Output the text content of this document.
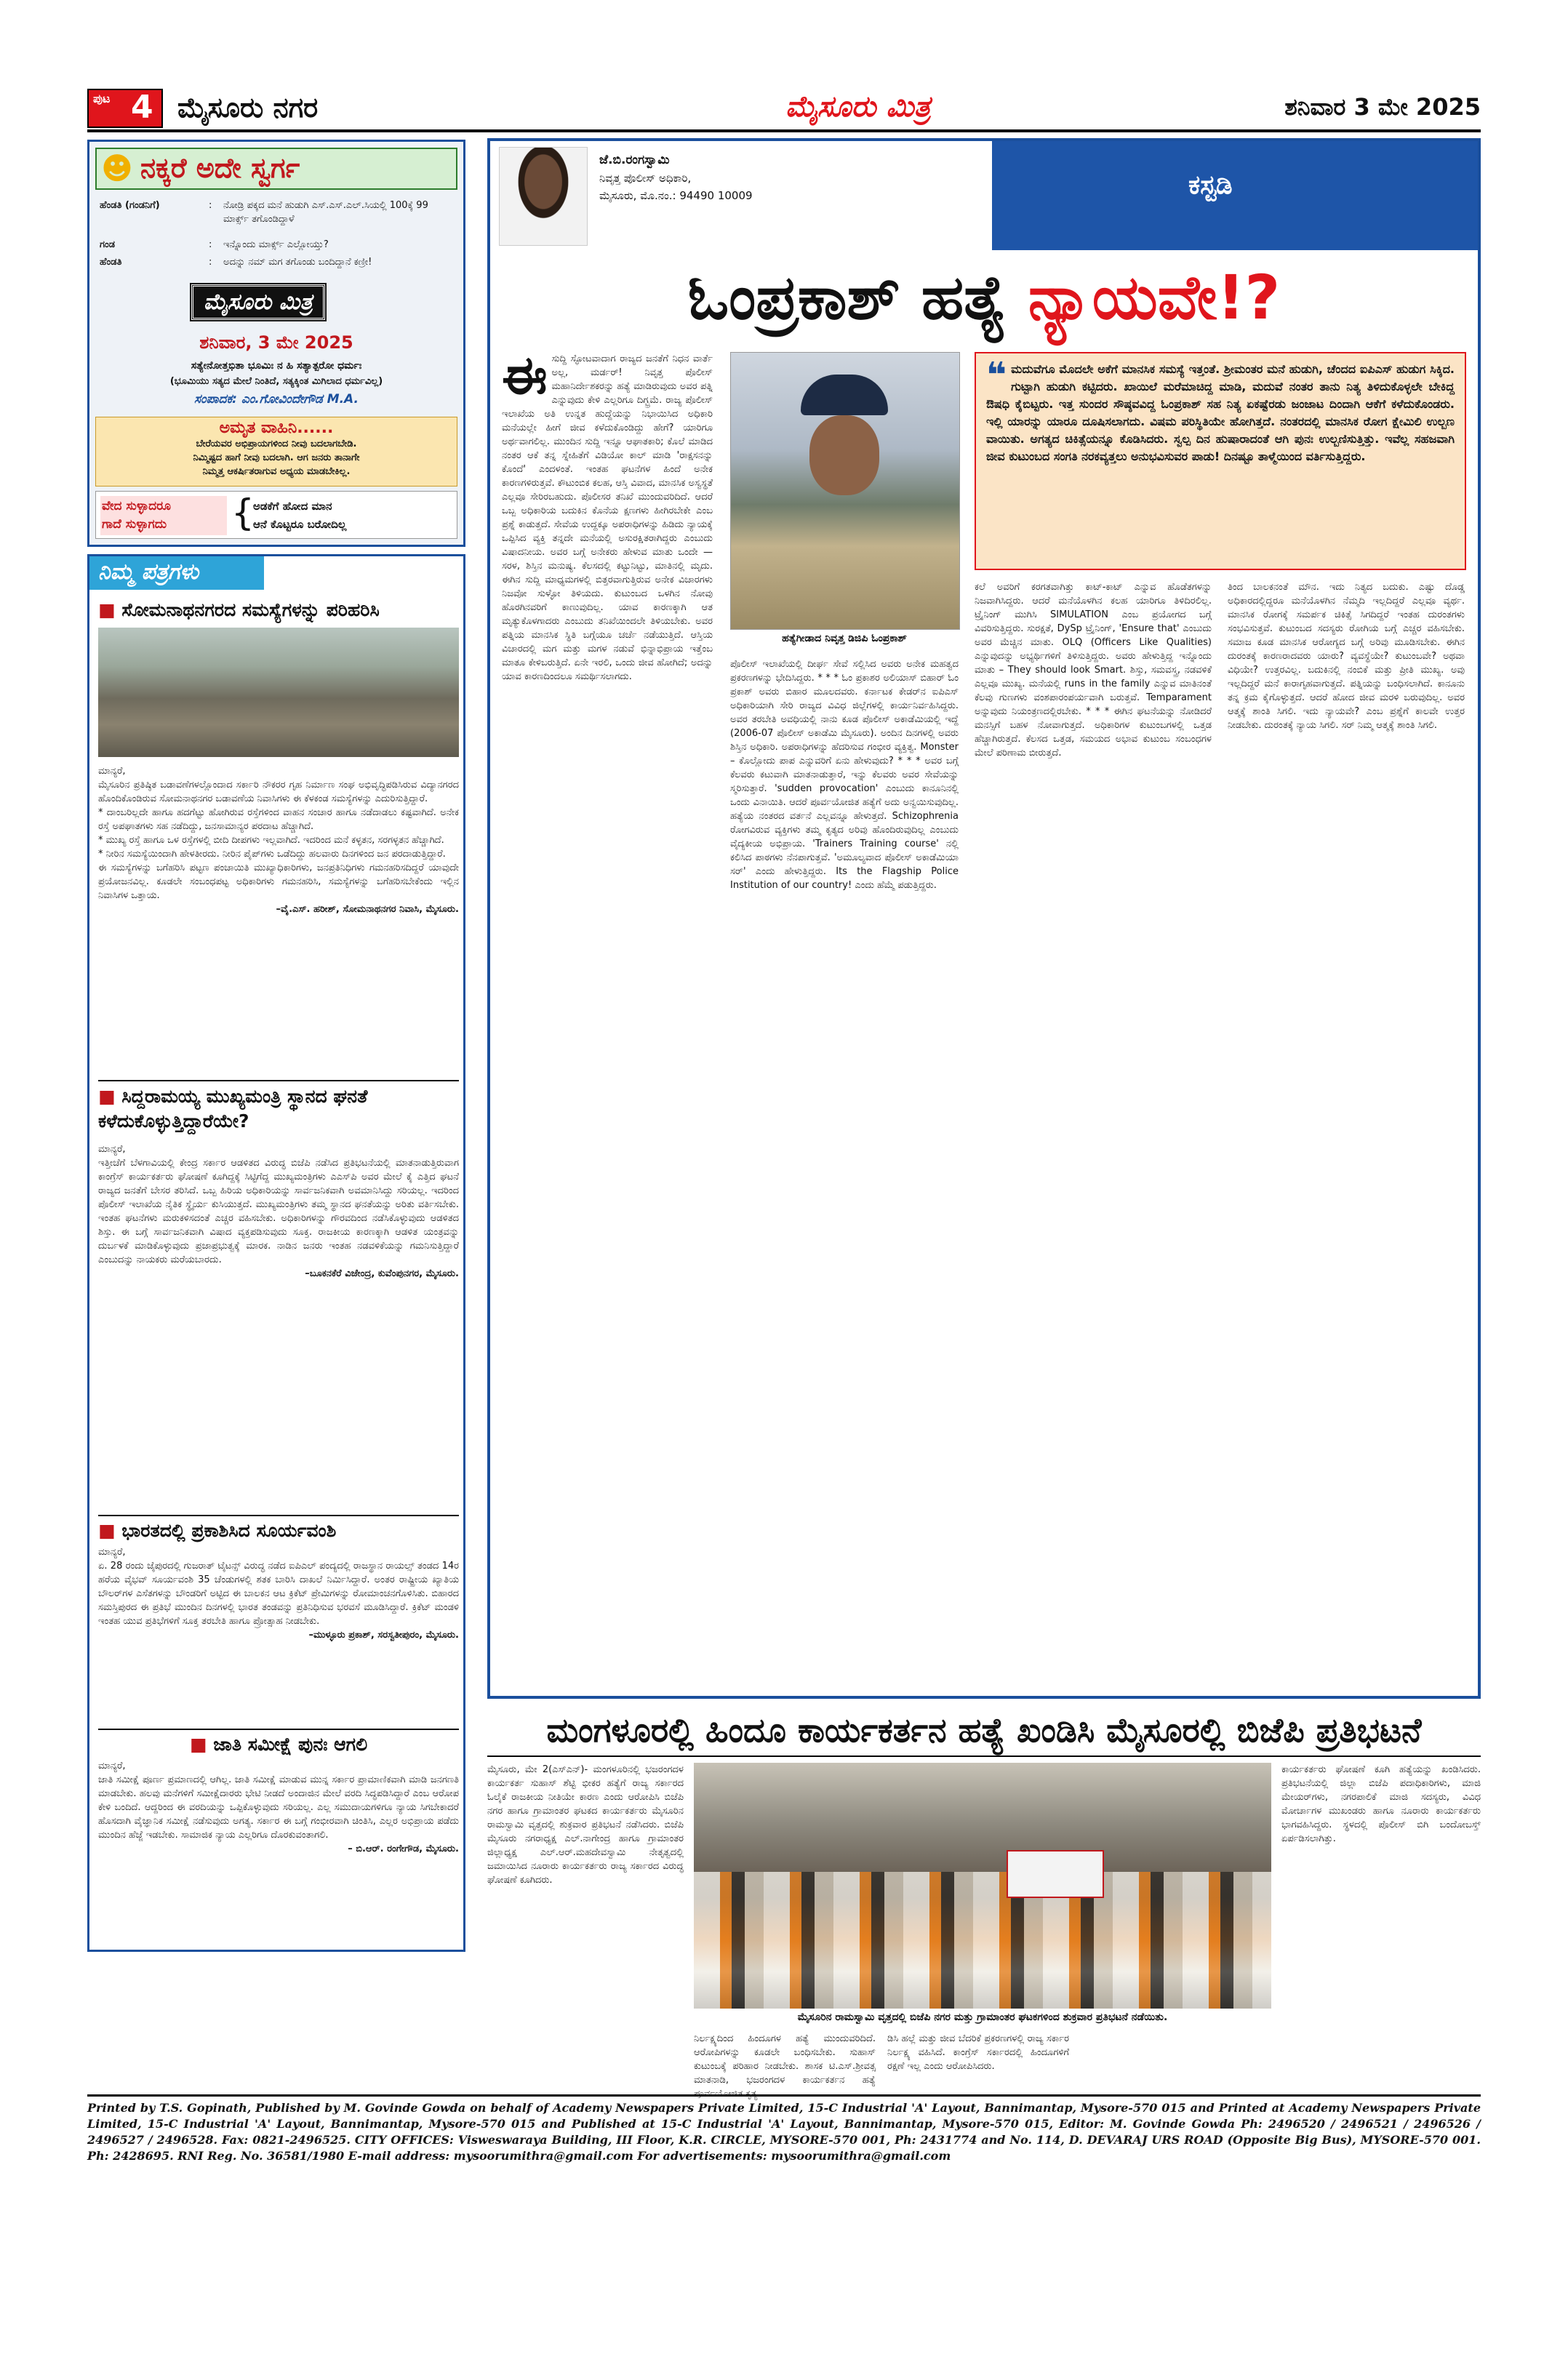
ಪುಟ 4 ಮೈಸೂರು ನಗರ	ಮೈಸೂರು ಮಿತ್ರ	ಶನಿವಾರ 3 ಮೇ 2025
☻ ನಕ್ಕರೆ ಅದೇ ಸ್ವರ್ಗ
ಹೆಂಡತಿ (ಗಂಡನಿಗೆ)	: ನೋಡ್ರಿ ಪಕ್ಕದ ಮನೆ ಹುಡುಗಿ ಎಸ್.ಎಸ್.ಎಲ್.ಸಿಯಲ್ಲಿ 100ಕ್ಕೆ 99 ಮಾರ್ಕ್ಸ್ ತಗೊಂಡಿದ್ದಾಳೆ
ಗಂಡ	: ಇನ್ನೊಂದು ಮಾರ್ಕ್ಸ್ ಎಲ್ಲೋಯ್ತು?
ಹೆಂಡತಿ	: ಅದನ್ನು ನಮ್ ಮಗ ತಗೊಂಡು ಬಂದಿದ್ದಾನೆ ಕಣ್ರೀ!
ಮೈಸೂರು ಮಿತ್ರ
ಶನಿವಾರ, 3 ಮೇ 2025
ಸತ್ಯೇನೋತ್ತಭಿತಾ ಭೂಮಿಃ ನ ಹಿ ಸತ್ಯಾತ್ಪರೋ ಧರ್ಮಃ
(ಭೂಮಿಯು ಸತ್ಯದ ಮೇಲೆ ನಿಂತಿದೆ, ಸತ್ಯಕ್ಕಿಂತ ಮಿಗಿಲಾದ ಧರ್ಮವಿಲ್ಲ)
ಸಂಪಾದಕ: ಎಂ.ಗೋವಿಂದೇಗೌಡ M.A.
ಅಮೃತ ವಾಹಿನಿ......
ಬೇರೆಯವರ ಅಭಿಪ್ರಾಯಗಳಿಂದ ನೀವು ಬದಲಾಗಬೇಡಿ.
ನಿಮ್ಮಿಷ್ಟದ ಹಾಗೆ ನೀವು ಬದಲಾಗಿ. ಆಗ ಜನರು ತಾನಾಗೇ
ನಿಮ್ಮತ್ತ ಆಕರ್ಷಿತರಾಗುವ ಅಧ್ಯಯ ಮಾಡಬೇಕಿಲ್ಲ.
ವೇದ ಸುಳ್ಳಾದರೂ
ಗಾದೆ ಸುಳ್ಳಾಗದು	{
ಅಡಕೆಗೆ ಹೋದ ಮಾನ
ಆನೆ ಕೊಟ್ಟರೂ ಬರೋದಿಲ್ಲ
ನಿಮ್ಮ ಪತ್ರಗಳು
■ ಸೋಮನಾಥನಗರದ ಸಮಸ್ಯೆಗಳನ್ನು ಪರಿಹರಿಸಿ

ಮಾನ್ಯರೆ,

ಮೈಸೂರಿನ ಪ್ರತಿಷ್ಠಿತ ಬಡಾವಣೆಗಳಲ್ಲೊಂದಾದ ಸರ್ಕಾರಿ ನೌಕರರ ಗೃಹ ನಿರ್ಮಾಣ ಸಂಘ ಅಭಿವೃದ್ಧಿಪಡಿಸಿರುವ ವಿದ್ಯಾನಗರದ ಹೊಂದಿಕೊಂಡಿರುವ ಸೋಮನಾಥನಗರ ಬಡಾವಣೆಯ ನಿವಾಸಿಗಳು ಈ ಕೆಳಕಂಡ ಸಮಸ್ಯೆಗಳನ್ನು ಎದುರಿಸುತ್ತಿದ್ದಾರೆ.
* ದಾಂಬರಿಲ್ಲದೇ ಹಾಗೂ ಹದಗೆಟ್ಟು ಹೋಗಿರುವ ರಸ್ತೆಗಳಿಂದ ವಾಹನ ಸಂಚಾರ ಹಾಗೂ ನಡೆದಾಡಲು ಕಷ್ಟವಾಗಿದೆ. ಅನೇಕ ರಸ್ತೆ ಅಪಘಾತಗಳು ಸಹ ನಡೆದಿದ್ದು, ಜನಸಾಮಾನ್ಯರ ಪರದಾಟ ಹೆಚ್ಚಾಗಿದೆ.
* ಮುಖ್ಯ ರಸ್ತೆ ಹಾಗೂ ಒಳ ರಸ್ತೆಗಳಲ್ಲಿ ಬೀದಿ ದೀಪಗಳು ಇಲ್ಲವಾಗಿದೆ. ಇದರಿಂದ ಮನೆ ಕಳ್ಳತನ, ಸರಗಳ್ಳತನ ಹೆಚ್ಚಾಗಿದೆ.
* ನೀರಿನ ಸಮಸ್ಯೆಯಿಂದಾಗಿ ಹೇಳತೀರದು. ನೀರಿನ ಪೈಪ್‌ಗಳು ಒಡೆದಿದ್ದು ಹಲವಾರು ದಿನಗಳಿಂದ ಜನ ಪರದಾಡುತ್ತಿದ್ದಾರೆ.
ಈ ಸಮಸ್ಯೆಗಳನ್ನು ಬಗೆಹರಿಸಿ ಪಟ್ಟಣ ಪಂಚಾಯಿತಿ ಮುಖ್ಯಾಧಿಕಾರಿಗಳು, ಜನಪ್ರತಿನಿಧಿಗಳು ಗಮನಹರಿಸದಿದ್ದರೆ ಯಾವುದೇ ಪ್ರಯೋಜನವಿಲ್ಲ. ಕೂಡಲೇ ಸಂಬಂಧಪಟ್ಟ ಅಧಿಕಾರಿಗಳು ಗಮನಹರಿಸಿ, ಸಮಸ್ಯೆಗಳನ್ನು ಬಗೆಹರಿಸಬೇಕೆಂದು ಇಲ್ಲಿನ ನಿವಾಸಿಗಳ ಒತ್ತಾಯ.

–ವೈ.ಎಸ್. ಹರೀಶ್, ಸೋಮನಾಥನಗರ ನಿವಾಸಿ, ಮೈಸೂರು.

■ ಸಿದ್ದರಾಮಯ್ಯ ಮುಖ್ಯಮಂತ್ರಿ ಸ್ಥಾನದ ಘನತೆ ಕಳೆದುಕೊಳ್ಳುತ್ತಿದ್ದಾರೆಯೇ?

ಮಾನ್ಯರೆ,

ಇತ್ತೀಚೆಗೆ ಬೆಳಗಾವಿಯಲ್ಲಿ ಕೇಂದ್ರ ಸರ್ಕಾರ ಆಡಳಿತದ ವಿರುದ್ಧ ಬಿಜೆಪಿ ನಡೆಸಿದ ಪ್ರತಿಭಟನೆಯಲ್ಲಿ ಮಾತನಾಡುತ್ತಿರುವಾಗ ಕಾಂಗ್ರೆಸ್ ಕಾರ್ಯಕರ್ತರು ಘೋಷಣೆ ಕೂಗಿದ್ದಕ್ಕೆ ಸಿಟ್ಟಿಗೆದ್ದ ಮುಖ್ಯಮಂತ್ರಿಗಳು ಎಎಸ್‌ಪಿ ಅವರ ಮೇಲೆ ಕೈ ಎತ್ತಿದ ಘಟನೆ ರಾಜ್ಯದ ಜನತೆಗೆ ಬೇಸರ ತರಿಸಿದೆ. ಒಬ್ಬ ಹಿರಿಯ ಅಧಿಕಾರಿಯನ್ನು ಸಾರ್ವಜನಿಕವಾಗಿ ಅವಮಾನಿಸಿದ್ದು ಸರಿಯಲ್ಲ. ಇದರಿಂದ ಪೊಲೀಸ್ ಇಲಾಖೆಯ ನೈತಿಕ ಸ್ಥೈರ್ಯ ಕುಸಿಯುತ್ತದೆ. ಮುಖ್ಯಮಂತ್ರಿಗಳು ತಮ್ಮ ಸ್ಥಾನದ ಘನತೆಯನ್ನು ಅರಿತು ವರ್ತಿಸಬೇಕು. ಇಂತಹ ಘಟನೆಗಳು ಮರುಕಳಿಸದಂತೆ ಎಚ್ಚರ ವಹಿಸಬೇಕು. ಅಧಿಕಾರಿಗಳನ್ನು ಗೌರವದಿಂದ ನಡೆಸಿಕೊಳ್ಳುವುದು ಆಡಳಿತದ ಶಿಸ್ತು. ಈ ಬಗ್ಗೆ ಸಾರ್ವಜನಿಕವಾಗಿ ವಿಷಾದ ವ್ಯಕ್ತಪಡಿಸುವುದು ಸೂಕ್ತ. ರಾಜಕೀಯ ಕಾರಣಕ್ಕಾಗಿ ಆಡಳಿತ ಯಂತ್ರವನ್ನು ದುರ್ಬಳಕೆ ಮಾಡಿಕೊಳ್ಳುವುದು ಪ್ರಜಾಪ್ರಭುತ್ವಕ್ಕೆ ಮಾರಕ. ನಾಡಿನ ಜನರು ಇಂತಹ ನಡವಳಿಕೆಯನ್ನು ಗಮನಿಸುತ್ತಿದ್ದಾರೆ ಎಂಬುದನ್ನು ನಾಯಕರು ಮರೆಯಬಾರದು.

–ಬೂಕನಕೆರೆ ವಿಜೇಂದ್ರ, ಕುವೆಂಪುನಗರ, ಮೈಸೂರು.

■ ಭಾರತದಲ್ಲಿ ಪ್ರಕಾಶಿಸಿದ ಸೂರ್ಯವಂಶಿ

ಮಾನ್ಯರೆ,

ಏ. 28 ರಂದು ಜೈಪುರದಲ್ಲಿ ಗುಜರಾತ್ ಟೈಟನ್ಸ್ ವಿರುದ್ಧ ನಡೆದ ಐಪಿಎಲ್ ಪಂದ್ಯದಲ್ಲಿ ರಾಜಸ್ಥಾನ ರಾಯಲ್ಸ್ ತಂಡದ 14ರ ಹರೆಯ ವೈಭವ್ ಸೂರ್ಯವಂಶಿ 35 ಚೆಂಡುಗಳಲ್ಲಿ ಶತಕ ಬಾರಿಸಿ ದಾಖಲೆ ನಿರ್ಮಿಸಿದ್ದಾರೆ. ಅಂತರ ರಾಷ್ಟ್ರೀಯ ಖ್ಯಾತಿಯ ಬೌಲರ್‌ಗಳ ಎಸೆತಗಳನ್ನು ಬೌಂಡರಿಗೆ ಅಟ್ಟಿದ ಈ ಬಾಲಕನ ಆಟ ಕ್ರಿಕೆಟ್ ಪ್ರೇಮಿಗಳನ್ನು ರೋಮಾಂಚನಗೊಳಿಸಿತು. ಬಿಹಾರದ ಸಮಸ್ತಿಪುರದ ಈ ಪ್ರತಿಭೆ ಮುಂದಿನ ದಿನಗಳಲ್ಲಿ ಭಾರತ ತಂಡವನ್ನು ಪ್ರತಿನಿಧಿಸುವ ಭರವಸೆ ಮೂಡಿಸಿದ್ದಾರೆ. ಕ್ರಿಕೆಟ್ ಮಂಡಳಿ ಇಂತಹ ಯುವ ಪ್ರತಿಭೆಗಳಿಗೆ ಸೂಕ್ತ ತರಬೇತಿ ಹಾಗೂ ಪ್ರೋತ್ಸಾಹ ನೀಡಬೇಕು.

–ಮುಳ್ಳೂರು ಪ್ರಕಾಶ್, ಸರಸ್ವತೀಪುರಂ, ಮೈಸೂರು.

■ ಜಾತಿ ಸಮೀಕ್ಷೆ ಪುನಃ ಆಗಲಿ

ಮಾನ್ಯರೆ,

ಜಾತಿ ಸಮೀಕ್ಷೆ ಪೂರ್ಣ ಪ್ರಮಾಣದಲ್ಲಿ ಆಗಿಲ್ಲ. ಜಾತಿ ಸಮೀಕ್ಷೆ ಮಾಡುವ ಮುನ್ನ ಸರ್ಕಾರ ಪ್ರಾಮಾಣಿಕವಾಗಿ ಮಾಡಿ ಜನಗಣತಿ ಮಾಡಬೇಕು. ಹಲವು ಮನೆಗಳಿಗೆ ಸಮೀಕ್ಷೆದಾರರು ಭೇಟಿ ನೀಡದೆ ಅಂದಾಜಿನ ಮೇಲೆ ವರದಿ ಸಿದ್ಧಪಡಿಸಿದ್ದಾರೆ ಎಂಬ ಆರೋಪ ಕೇಳಿ ಬಂದಿದೆ. ಆದ್ದರಿಂದ ಈ ವರದಿಯನ್ನು ಒಪ್ಪಿಕೊಳ್ಳುವುದು ಸರಿಯಲ್ಲ. ಎಲ್ಲ ಸಮುದಾಯಗಳಿಗೂ ನ್ಯಾಯ ಸಿಗಬೇಕಾದರೆ ಹೊಸದಾಗಿ ವೈಜ್ಞಾನಿಕ ಸಮೀಕ್ಷೆ ನಡೆಸುವುದು ಅಗತ್ಯ. ಸರ್ಕಾರ ಈ ಬಗ್ಗೆ ಗಂಭೀರವಾಗಿ ಚಿಂತಿಸಿ, ಎಲ್ಲರ ಅಭಿಪ್ರಾಯ ಪಡೆದು ಮುಂದಿನ ಹೆಜ್ಜೆ ಇಡಬೇಕು. ಸಾಮಾಜಿಕ ನ್ಯಾಯ ಎಲ್ಲರಿಗೂ ದೊರಕುವಂತಾಗಲಿ.

– ಬಿ.ಆರ್. ರಂಗೇಗೌಡ, ಮೈಸೂರು.

ಜೆ.ಬಿ.ರಂಗಸ್ವಾಮಿ
ನಿವೃತ್ತ ಪೊಲೀಸ್ ಅಧಿಕಾರಿ,
ಮೈಸೂರು, ಮೊ.ನಂ.: 94490 10009	ಕಸ್ಟಡಿ
ಓಂಪ್ರಕಾಶ್ ಹತ್ಯೆ ನ್ಯಾಯವೇ!?
ಈ ಸುದ್ದಿ ಸ್ಫೋಟವಾದಾಗ ರಾಜ್ಯದ ಜನತೆಗೆ ನಿಧನ ವಾರ್ತೆ ಅಲ್ಲ, ಮರ್ಡರ್! ನಿವೃತ್ತ ಪೊಲೀಸ್ ಮಹಾನಿರ್ದೇಶಕರನ್ನು ಹತ್ಯೆ ಮಾಡಿರುವುದು ಅವರ ಪತ್ನಿ ಎನ್ನುವುದು ಕೇಳಿ ಎಲ್ಲರಿಗೂ ದಿಗ್ಭ್ರಮೆ. ರಾಜ್ಯ ಪೊಲೀಸ್ ಇಲಾಖೆಯ ಅತಿ ಉನ್ನತ ಹುದ್ದೆಯನ್ನು ನಿಭಾಯಿಸಿದ ಅಧಿಕಾರಿ ಮನೆಯಲ್ಲೇ ಹೀಗೆ ಜೀವ ಕಳೆದುಕೊಂಡಿದ್ದು ಹೇಗೆ? ಯಾರಿಗೂ ಅರ್ಥವಾಗಲಿಲ್ಲ. ಮುಂದಿನ ಸುದ್ದಿ ಇನ್ನೂ ಆಘಾತಕಾರಿ; ಕೊಲೆ ಮಾಡಿದ ನಂತರ ಆಕೆ ತನ್ನ ಸ್ನೇಹಿತೆಗೆ ವಿಡಿಯೋ ಕಾಲ್ ಮಾಡಿ 'ರಾಕ್ಷಸನನ್ನು ಕೊಂದೆ' ಎಂದಳಂತೆ. ಇಂತಹ ಘಟನೆಗಳ ಹಿಂದೆ ಅನೇಕ ಕಾರಣಗಳಿರುತ್ತವೆ. ಕೌಟುಂಬಿಕ ಕಲಹ, ಆಸ್ತಿ ವಿವಾದ, ಮಾನಸಿಕ ಅಸ್ವಸ್ಥತೆ ಎಲ್ಲವೂ ಸೇರಿರಬಹುದು. ಪೊಲೀಸರ ತನಿಖೆ ಮುಂದುವರಿದಿದೆ. ಆದರೆ ಒಬ್ಬ ಅಧಿಕಾರಿಯ ಬದುಕಿನ ಕೊನೆಯ ಕ್ಷಣಗಳು ಹೀಗಿರಬೇಕೇ ಎಂಬ ಪ್ರಶ್ನೆ ಕಾಡುತ್ತದೆ. ಸೇವೆಯ ಉದ್ದಕ್ಕೂ ಅಪರಾಧಿಗಳನ್ನು ಹಿಡಿದು ನ್ಯಾಯಕ್ಕೆ ಒಪ್ಪಿಸಿದ ವ್ಯಕ್ತಿ ತನ್ನದೇ ಮನೆಯಲ್ಲಿ ಅಸುರಕ್ಷಿತರಾಗಿದ್ದರು ಎಂಬುದು ವಿಷಾದನೀಯ. ಅವರ ಬಗ್ಗೆ ಅನೇಕರು ಹೇಳುವ ಮಾತು ಒಂದೇ — ಸರಳ, ಶಿಸ್ತಿನ ಮನುಷ್ಯ. ಕೆಲಸದಲ್ಲಿ ಕಟ್ಟುನಿಟ್ಟು, ಮಾತಿನಲ್ಲಿ ಮೃದು. ಈಗಿನ ಸುದ್ದಿ ಮಾಧ್ಯಮಗಳಲ್ಲಿ ಬಿತ್ತರವಾಗುತ್ತಿರುವ ಅನೇಕ ವಿಚಾರಗಳು ನಿಜವೋ ಸುಳ್ಳೋ ತಿಳಿಯದು. ಕುಟುಂಬದ ಒಳಗಿನ ನೋವು ಹೊರಗಿನವರಿಗೆ ಕಾಣುವುದಿಲ್ಲ. ಯಾವ ಕಾರಣಕ್ಕಾಗಿ ಆತ ಮೃತ್ಯುಕೊಳಗಾದರು ಎಂಬುದು ತನಿಖೆಯಿಂದಲೇ ತಿಳಿಯಬೇಕು. ಅವರ ಪತ್ನಿಯ ಮಾನಸಿಕ ಸ್ಥಿತಿ ಬಗ್ಗೆಯೂ ಚರ್ಚೆ ನಡೆಯುತ್ತಿದೆ. ಆಸ್ತಿಯ ವಿಚಾರದಲ್ಲಿ ಮಗ ಮತ್ತು ಮಗಳ ನಡುವೆ ಭಿನ್ನಾಭಿಪ್ರಾಯ ಇತ್ತೆಂಬ ಮಾತೂ ಕೇಳಿಬರುತ್ತಿದೆ. ಏನೇ ಇರಲಿ, ಒಂದು ಜೀವ ಹೋಗಿದೆ; ಅದನ್ನು ಯಾವ ಕಾರಣದಿಂದಲೂ ಸಮರ್ಥಿಸಲಾಗದು.

ಹತ್ಯೆಗೀಡಾದ ನಿವೃತ್ತ ಡಿಜಿಪಿ ಓಂಪ್ರಕಾಶ್

ಪೊಲೀಸ್ ಇಲಾಖೆಯಲ್ಲಿ ದೀರ್ಘ ಸೇವೆ ಸಲ್ಲಿಸಿದ ಅವರು ಅನೇಕ ಮಹತ್ವದ ಪ್ರಕರಣಗಳನ್ನು ಭೇದಿಸಿದ್ದರು. * * * ಓಂ ಪ್ರಕಾಶರ ಅಲಿಯಾಸ್ ಬಿಹಾರ್ ಓಂ ಪ್ರಕಾಶ್ ಅವರು ಬಿಹಾರ ಮೂಲದವರು. ಕರ್ನಾಟಕ ಕೇಡರ್‌ನ ಐಪಿಎಸ್ ಅಧಿಕಾರಿಯಾಗಿ ಸೇರಿ ರಾಜ್ಯದ ವಿವಿಧ ಜಿಲ್ಲೆಗಳಲ್ಲಿ ಕಾರ್ಯನಿರ್ವಹಿಸಿದ್ದರು. ಅವರ ತರಬೇತಿ ಅವಧಿಯಲ್ಲಿ ನಾನು ಕೂಡ ಪೊಲೀಸ್ ಅಕಾಡೆಮಿಯಲ್ಲಿ ಇದ್ದೆ (2006-07 ಪೊಲೀಸ್ ಅಕಾಡೆಮಿ ಮೈಸೂರು). ಅಂದಿನ ದಿನಗಳಲ್ಲಿ ಅವರು ಶಿಸ್ತಿನ ಅಧಿಕಾರಿ. ಅಪರಾಧಿಗಳನ್ನು ಹೆದರಿಸುವ ಗಂಭೀರ ವ್ಯಕ್ತಿತ್ವ. Monster – ಕೊಲ್ಲೋದು ಪಾಪ ಎನ್ನುವರಿಗೆ ಏನು ಹೇಳುವುದು? * * * ಅವರ ಬಗ್ಗೆ ಕೆಲವರು ಕಟುವಾಗಿ ಮಾತನಾಡುತ್ತಾರೆ, ಇನ್ನು ಕೆಲವರು ಅವರ ಸೇವೆಯನ್ನು ಸ್ಮರಿಸುತ್ತಾರೆ. 'sudden provocation' ಎಂಬುದು ಕಾನೂನಿನಲ್ಲಿ ಒಂದು ವಿನಾಯಿತಿ. ಆದರೆ ಪೂರ್ವಯೋಜಿತ ಹತ್ಯೆಗೆ ಅದು ಅನ್ವಯಿಸುವುದಿಲ್ಲ. ಹತ್ಯೆಯ ನಂತರದ ವರ್ತನೆ ಎಲ್ಲವನ್ನೂ ಹೇಳುತ್ತದೆ. Schizophrenia ರೋಗವಿರುವ ವ್ಯಕ್ತಿಗಳು ತಮ್ಮ ಕೃತ್ಯದ ಅರಿವು ಹೊಂದಿರುವುದಿಲ್ಲ ಎಂಬುದು ವೈದ್ಯಕೀಯ ಅಭಿಪ್ರಾಯ. 'Trainers Training course' ನಲ್ಲಿ ಕಲಿಸಿದ ಪಾಠಗಳು ನೆನಪಾಗುತ್ತವೆ. 'ಅಮೂಲ್ಯವಾದ ಪೊಲೀಸ್ ಅಕಾಡೆಮಿಯಾ ಸರ್' ಎಂದು ಹೇಳುತ್ತಿದ್ದರು. Its the Flagship Police Institution of our country! ಎಂದು ಹೆಮ್ಮೆ ಪಡುತ್ತಿದ್ದರು.

❝ ಮದುವೆಗೂ ಮೊದಲೇ ಅಕೆಗೆ ಮಾನಸಿಕ ಸಮಸ್ಯೆ ಇತ್ತಂತೆ. ಶ್ರೀಮಂತರ ಮನೆ ಹುಡುಗಿ, ಚೆಂದದ ಐಪಿಎಸ್ ಹುಡುಗ ಸಿಕ್ಕಿದ. ಗುಟ್ಟಾಗಿ ಹುಡುಗಿ ಕಟ್ಟಿದರು. ಖಾಯಿಲೆ ಮರೆಮಾಚಿದ್ದ ಮಾಡಿ, ಮದುವೆ ನಂತರ ತಾನು ನಿತ್ಯ ತಿಳಿದುಕೊಳ್ಳಲೇ ಬೇಕಿದ್ದ ಔಷಧಿ ಕೈಬಿಟ್ಟರು. ಇತ್ತ ಸುಂದರ ಸೌಷ್ಠವವಿದ್ದ ಓಂಪ್ರಕಾಶ್ ಸಹ ನಿತ್ಯ ಏಕಷ್ಟೆರಡು ಜಂಜಾಟ ದಿಂದಾಗಿ ಆಕೆಗೆ ಕಳೆದುಕೊಂಡರು. ಇಲ್ಲಿ ಯಾರನ್ನು ಯಾರೂ ದೂಷಿಸಲಾಗದು. ವಿಷಮ ಪರಿಸ್ಥಿತಿಯೇ ಹೋಗಿತ್ತದೆ. ನಂತರದಲ್ಲಿ ಮಾನಸಿಕ ರೋಗ ಕ್ಷೇಮಿಲಿ ಉಲ್ಬಣ ವಾಯಿತು. ಅಗತ್ಯದ ಚಿಕಿತ್ಸೆಯನ್ನೂ ಕೊಡಿಸಿದರು. ಸ್ವಲ್ಪ ದಿನ ಹುಷಾರಾದಂತೆ ಆಗಿ ಪುನಃ ಉಲ್ಬಣಿಸುತ್ತಿತ್ತು. ಇವೆಲ್ಲ ಸಹಜವಾಗಿ ಜೀವ ಕುಟುಂಬದ ಸಂಗತಿ ನರಕವ್ಯತ್ತಲು ಅನುಭವಿಸುವರ ಪಾಡು! ದಿನಷ್ಟೂ ತಾಳ್ಮೆಯಿಂದ ವರ್ತಿಸುತ್ತಿದ್ದರು.

ಕಲೆ ಅವರಿಗೆ ಕರಗತವಾಗಿತ್ತು ಕಾಟ್-ಕಾಟ್ ಎನ್ನುವ ಹೊಡೆತಗಳನ್ನು ನಿಜವಾಗಿಸಿದ್ದರು. ಆದರೆ ಮನೆಯೊಳಗಿನ ಕಲಹ ಯಾರಿಗೂ ತಿಳಿದಿರಲಿಲ್ಲ. ಟ್ರೈನಿಂಗ್ ಮುಗಿಸಿ SIMULATION ಎಂಬ ಪ್ರಯೋಗದ ಬಗ್ಗೆ ವಿವರಿಸುತ್ತಿದ್ದರು. ಸುರಕ್ಷತೆ, DySp ಟ್ರೈನಿಂಗ್, 'Ensure that' ಎಂಬುದು ಅವರ ಮೆಚ್ಚಿನ ಮಾತು. OLQ (Officers Like Qualities) ಎನ್ನುವುದನ್ನು ಅಭ್ಯರ್ಥಿಗಳಿಗೆ ತಿಳಿಸುತ್ತಿದ್ದರು. ಅವರು ಹೇಳುತ್ತಿದ್ದ ಇನ್ನೊಂದು ಮಾತು – They should look Smart. ಶಿಸ್ತು, ಸಮವಸ್ತ್ರ, ನಡವಳಿಕೆ ಎಲ್ಲವೂ ಮುಖ್ಯ. ಮನೆಯಲ್ಲಿ runs in the family ಎನ್ನುವ ಮಾತಿನಂತೆ ಕೆಲವು ಗುಣಗಳು ವಂಶಪಾರಂಪರ್ಯವಾಗಿ ಬರುತ್ತವೆ. Temparament ಅನ್ನುವುದು ನಿಯಂತ್ರಣದಲ್ಲಿರಬೇಕು. * * * ಈಗಿನ ಘಟನೆಯನ್ನು ನೋಡಿದರೆ ಮನಸ್ಸಿಗೆ ಬಹಳ ನೋವಾಗುತ್ತದೆ. ಅಧಿಕಾರಿಗಳ ಕುಟುಂಬಗಳಲ್ಲಿ ಒತ್ತಡ ಹೆಚ್ಚಾಗಿರುತ್ತದೆ. ಕೆಲಸದ ಒತ್ತಡ, ಸಮಯದ ಅಭಾವ ಕುಟುಂಬ ಸಂಬಂಧಗಳ ಮೇಲೆ ಪರಿಣಾಮ ಬೀರುತ್ತದೆ.

ತಿಂದ ಬಾಲಕನಂತೆ ಮೌನ. ಇದು ನಿತ್ಯದ ಬದುಕು. ಎಷ್ಟು ದೊಡ್ಡ ಅಧಿಕಾರದಲ್ಲಿದ್ದರೂ ಮನೆಯೊಳಗಿನ ನೆಮ್ಮದಿ ಇಲ್ಲದಿದ್ದರೆ ಎಲ್ಲವೂ ವ್ಯರ್ಥ. ಮಾನಸಿಕ ರೋಗಕ್ಕೆ ಸಮರ್ಪಕ ಚಿಕಿತ್ಸೆ ಸಿಗದಿದ್ದರೆ ಇಂತಹ ದುರಂತಗಳು ಸಂಭವಿಸುತ್ತವೆ. ಕುಟುಂಬದ ಸದಸ್ಯರು ರೋಗಿಯ ಬಗ್ಗೆ ಎಚ್ಚರ ವಹಿಸಬೇಕು. ಸಮಾಜ ಕೂಡ ಮಾನಸಿಕ ಆರೋಗ್ಯದ ಬಗ್ಗೆ ಅರಿವು ಮೂಡಿಸಬೇಕು. ಈಗಿನ ದುರಂತಕ್ಕೆ ಕಾರಣರಾದವರು ಯಾರು? ವ್ಯವಸ್ಥೆಯೇ? ಕುಟುಂಬವೇ? ಅಥವಾ ವಿಧಿಯೇ? ಉತ್ತರವಿಲ್ಲ. ಬದುಕಿನಲ್ಲಿ ನಂಬಿಕೆ ಮತ್ತು ಪ್ರೀತಿ ಮುಖ್ಯ. ಅವು ಇಲ್ಲದಿದ್ದರೆ ಮನೆ ಕಾರಾಗೃಹವಾಗುತ್ತದೆ. ಪತ್ನಿಯನ್ನು ಬಂಧಿಸಲಾಗಿದೆ. ಕಾನೂನು ತನ್ನ ಕ್ರಮ ಕೈಗೊಳ್ಳುತ್ತದೆ. ಆದರೆ ಹೋದ ಜೀವ ಮರಳಿ ಬರುವುದಿಲ್ಲ. ಅವರ ಆತ್ಮಕ್ಕೆ ಶಾಂತಿ ಸಿಗಲಿ. ಇದು ನ್ಯಾಯವೇ? ಎಂಬ ಪ್ರಶ್ನೆಗೆ ಕಾಲವೇ ಉತ್ತರ ನೀಡಬೇಕು. ದುರಂತಕ್ಕೆ ನ್ಯಾಯ ಸಿಗಲಿ. ಸರ್ ನಿಮ್ಮ ಆತ್ಮಕ್ಕೆ ಶಾಂತಿ ಸಿಗಲಿ.

ಮಂಗಳೂರಲ್ಲಿ ಹಿಂದೂ ಕಾರ್ಯಕರ್ತನ ಹತ್ಯೆ ಖಂಡಿಸಿ ಮೈಸೂರಲ್ಲಿ ಬಿಜೆಪಿ ಪ್ರತಿಭಟನೆ

ಮೈಸೂರು, ಮೇ 2(ಎಸ್‌ಎನ್)- ಮಂಗಳೂರಿನಲ್ಲಿ ಭಜರಂಗದಳ ಕಾರ್ಯಕರ್ತ ಸುಹಾಸ್ ಶೆಟ್ಟಿ ಭೀಕರ ಹತ್ಯೆಗೆ ರಾಜ್ಯ ಸರ್ಕಾರದ ಓಲೈಕೆ ರಾಜಕೀಯ ನೀತಿಯೇ ಕಾರಣ ಎಂದು ಆರೋಪಿಸಿ ಬಿಜೆಪಿ ನಗರ ಹಾಗೂ ಗ್ರಾಮಾಂತರ ಘಟಕದ ಕಾರ್ಯಕರ್ತರು ಮೈಸೂರಿನ ರಾಮಸ್ವಾಮಿ ವೃತ್ತದಲ್ಲಿ ಶುಕ್ರವಾರ ಪ್ರತಿಭಟನೆ ನಡೆಸಿದರು. ಬಿಜೆಪಿ ಮೈಸೂರು ನಗರಾಧ್ಯಕ್ಷ ಎಲ್.ನಾಗೇಂದ್ರ ಹಾಗೂ ಗ್ರಾಮಾಂತರ ಜಿಲ್ಲಾಧ್ಯಕ್ಷ ಎಲ್.ಆರ್.ಮಹದೇವಸ್ವಾಮಿ ನೇತೃತ್ವದಲ್ಲಿ ಜಮಾಯಿಸಿದ ನೂರಾರು ಕಾರ್ಯಕರ್ತರು ರಾಜ್ಯ ಸರ್ಕಾರದ ವಿರುದ್ಧ ಘೋಷಣೆ ಕೂಗಿದರು.

ಮೈಸೂರಿನ ರಾಮಸ್ವಾಮಿ ವೃತ್ತದಲ್ಲಿ ಬಿಜೆಪಿ ನಗರ ಮತ್ತು ಗ್ರಾಮಾಂತರ ಘಟಕಗಳಿಂದ ಶುಕ್ರವಾರ ಪ್ರತಿಭಟನೆ ನಡೆಯಿತು.

ನಿರ್ಲಕ್ಷ್ಯದಿಂದ ಹಿಂದೂಗಳ ಹತ್ಯೆ ಮುಂದುವರಿದಿದೆ. ಆರೋಪಿಗಳನ್ನು ಕೂಡಲೇ ಬಂಧಿಸಬೇಕು. ಸುಹಾಸ್ ಕುಟುಂಬಕ್ಕೆ ಪರಿಹಾರ ನೀಡಬೇಕು. ಶಾಸಕ ಟಿ.ಎಸ್.ಶ್ರೀವತ್ಸ ಮಾತನಾಡಿ, ಭಜರಂಗದಳ ಕಾರ್ಯಕರ್ತನ ಹತ್ಯೆ

ಡಿಸಿ ಹಲ್ಲೆ ಮತ್ತು ಜೀವ ಬೆದರಿಕೆ ಪ್ರಕರಣಗಳಲ್ಲಿ ರಾಜ್ಯ ಸರ್ಕಾರ ನಿರ್ಲಕ್ಷ್ಯ ವಹಿಸಿದೆ. ಕಾಂಗ್ರೆಸ್ ಸರ್ಕಾರದಲ್ಲಿ ಹಿಂದೂಗಳಿಗೆ ರಕ್ಷಣೆ ಇಲ್ಲ ಎಂದು ಆರೋಪಿಸಿದರು.

ಕಾರ್ಯಕರ್ತರು ಘೋಷಣೆ ಕೂಗಿ ಹತ್ಯೆಯನ್ನು ಖಂಡಿಸಿದರು. ಪ್ರತಿಭಟನೆಯಲ್ಲಿ ಜಿಲ್ಲಾ ಬಿಜೆಪಿ ಪದಾಧಿಕಾರಿಗಳು, ಮಾಜಿ ಮೇಯರ್‌ಗಳು, ನಗರಪಾಲಿಕೆ ಮಾಜಿ ಸದಸ್ಯರು, ವಿವಿಧ ಮೋರ್ಚಾಗಳ ಮುಖಂಡರು ಹಾಗೂ ನೂರಾರು ಕಾರ್ಯಕರ್ತರು ಭಾಗವಹಿಸಿದ್ದರು. ಸ್ಥಳದಲ್ಲಿ ಪೊಲೀಸ್ ಬಿಗಿ ಬಂದೋಬಸ್ತ್ ಏರ್ಪಡಿಸಲಾಗಿತ್ತು.

Printed by T.S. Gopinath, Published by M. Govinde Gowda on behalf of Academy Newspapers Private Limited, 15-C Industrial 'A' Layout, Bannimantap, Mysore-570 015 and Printed at Academy Newspapers Private Limited, 15-C Industrial 'A' Layout, Bannimantap, Mysore-570 015 and Published at 15-C Industrial 'A' Layout, Bannimantap, Mysore-570 015, Editor: M. Govinde Gowda Ph: 2496520 / 2496521 / 2496526 / 2496527 / 2496528. Fax: 0821-2496525. CITY OFFICES: Visweswaraya Building, III Floor, K.R. CIRCLE, MYSORE-570 001, Ph: 2431774 and No. 114, D. DEVARAJ URS ROAD (Opposite Big Bus), MYSORE-570 001. Ph: 2428695. RNI Reg. No. 36581/1980 E-mail address: mysoorumithra@gmail.com For advertisements: mysoorumithra@gmail.com
